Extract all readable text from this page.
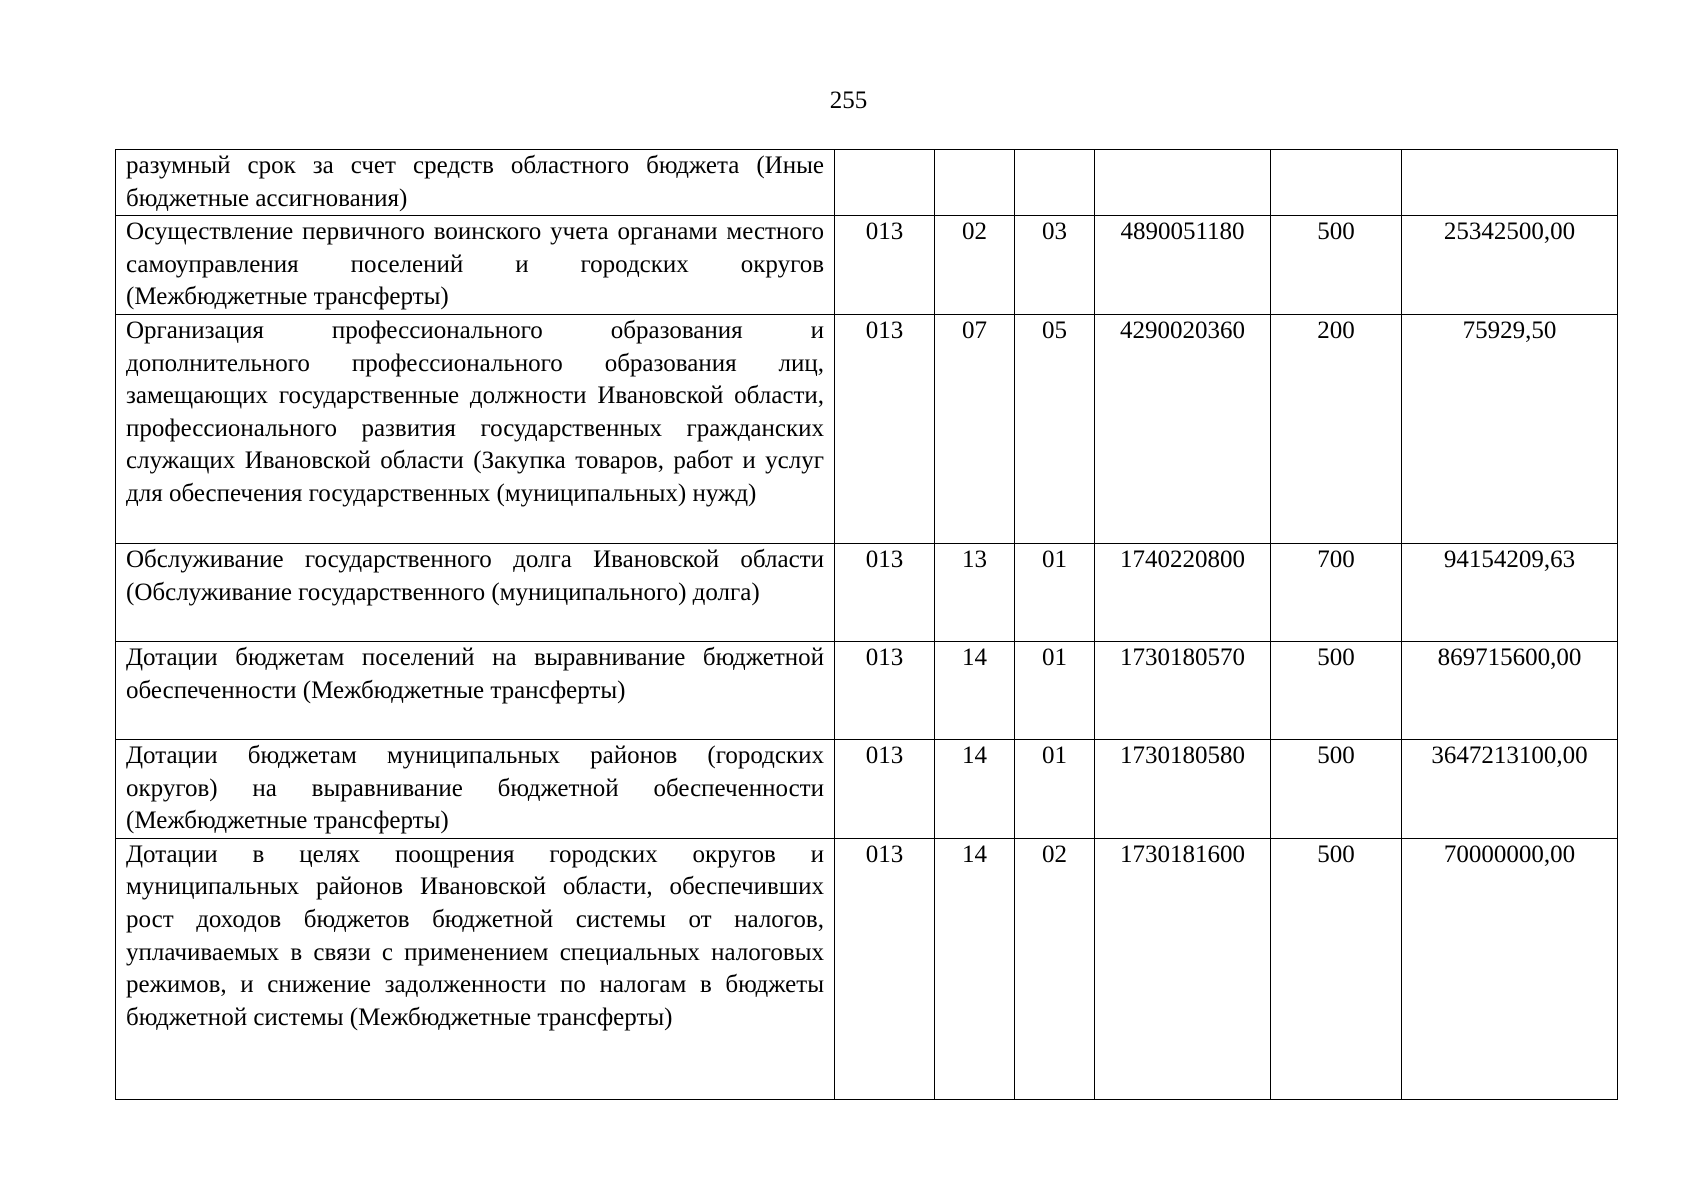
255
разумный срок за счет средств областного бюджета (Иные бюджетные ассигнования)						
Осуществление первичного воинского учета органами местного самоуправления поселений и городских округов (Межбюджетные трансферты)	013	02	03	4890051180	500	25342500,00
Организация профессионального образования и дополнительного профессионального образования лиц, замещающих государственные должности Ивановской области, профессионального развития государственных гражданских служащих Ивановской области (Закупка товаров, работ и услуг для обеспечения государственных (муниципальных) нужд)	013	07	05	4290020360	200	75929,50
Обслуживание государственного долга Ивановской области (Обслуживание государственного (муниципального) долга)	013	13	01	1740220800	700	94154209,63
Дотации бюджетам поселений на выравнивание бюджетной обеспеченности (Межбюджетные трансферты)	013	14	01	1730180570	500	869715600,00
Дотации бюджетам муниципальных районов (городских округов) на выравнивание бюджетной обеспеченности (Межбюджетные трансферты)	013	14	01	1730180580	500	3647213100,00
Дотации в целях поощрения городских округов и муниципальных районов Ивановской области, обеспечивших рост доходов бюджетов бюджетной системы от налогов, уплачиваемых в связи с применением специальных налоговых режимов, и снижение задолженности по налогам в бюджеты бюджетной системы (Межбюджетные трансферты)	013	14	02	1730181600	500	70000000,00
